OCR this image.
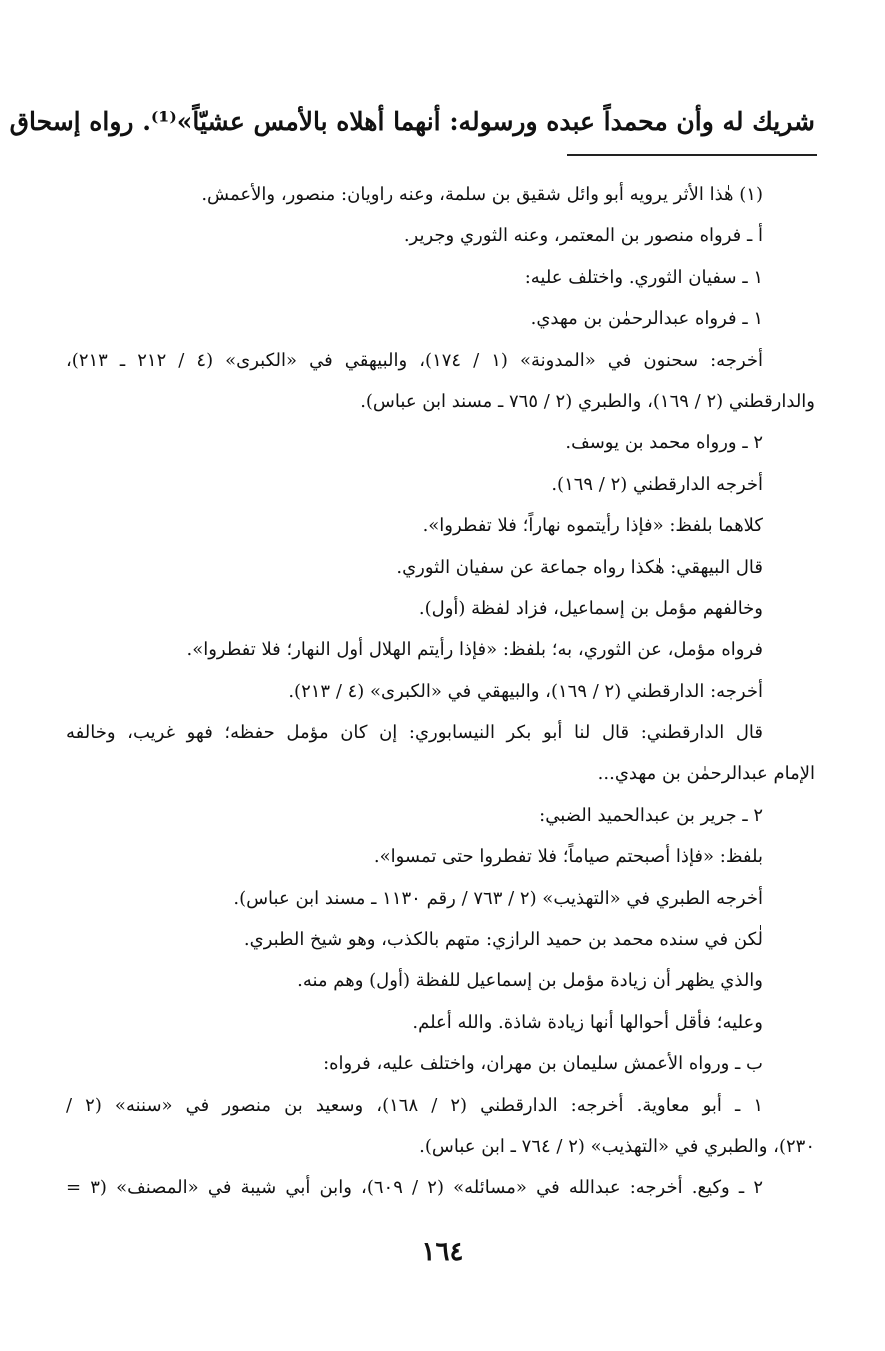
شريك له وأن محمداً عبده ورسوله: أنهما أهلاه بالأمس عشيّاً»⁽¹⁾. رواه إسحاق
(١) هٰذا الأثر يرويه أبو وائل شقيق بن سلمة، وعنه راويان: منصور، والأعمش.
أ ـ فرواه منصور بن المعتمر، وعنه الثوري وجرير.
١ ـ سفيان الثوري. واختلف عليه:
١ ـ فرواه عبدالرحمٰن بن مهدي.
أخرجه: سحنون في «المدونة» (١ / ١٧٤)، والبيهقي في «الكبرى» (٤ / ٢١٢ ـ ٢١٣)،
والدارقطني (٢ / ١٦٩)، والطبري (٢ / ٧٦٥ ـ مسند ابن عباس).
٢ ـ ورواه محمد بن يوسف.
أخرجه الدارقطني (٢ / ١٦٩).
كلاهما بلفظ: «فإذا رأيتموه نهاراً؛ فلا تفطروا».
قال البيهقي: هٰكذا رواه جماعة عن سفيان الثوري.
وخالفهم مؤمل بن إسماعيل، فزاد لفظة (أول).
فرواه مؤمل، عن الثوري، به؛ بلفظ: «فإذا رأيتم الهلال أول النهار؛ فلا تفطروا».
أخرجه: الدارقطني (٢ / ١٦٩)، والبيهقي في «الكبرى» (٤ / ٢١٣).
قال الدارقطني: قال لنا أبو بكر النيسابوري: إن كان مؤمل حفظه؛ فهو غريب، وخالفه
الإمام عبدالرحمٰن بن مهدي...
٢ ـ جرير بن عبدالحميد الضبي:
بلفظ: «فإذا أصبحتم صياماً؛ فلا تفطروا حتى تمسوا».
أخرجه الطبري في «التهذيب» (٢ / ٧٦٣ / رقم ١١٣٠ ـ مسند ابن عباس).
لٰكن في سنده محمد بن حميد الرازي: متهم بالكذب، وهو شيخ الطبري.
والذي يظهر أن زيادة مؤمل بن إسماعيل للفظة (أول) وهم منه.
وعليه؛ فأقل أحوالها أنها زيادة شاذة. والله أعلم.
ب ـ ورواه الأعمش سليمان بن مهران، واختلف عليه، فرواه:
١ ـ أبو معاوية. أخرجه: الدارقطني (٢ / ١٦٨)، وسعيد بن منصور في «سننه» (٢ /
٢٣٠)، والطبري في «التهذيب» (٢ / ٧٦٤ ـ ابن عباس).
٢ ـ وكيع. أخرجه: عبدالله في «مسائله» (٢ / ٦٠٩)، وابن أبي شيبة في «المصنف» (٣ =
١٦٤
